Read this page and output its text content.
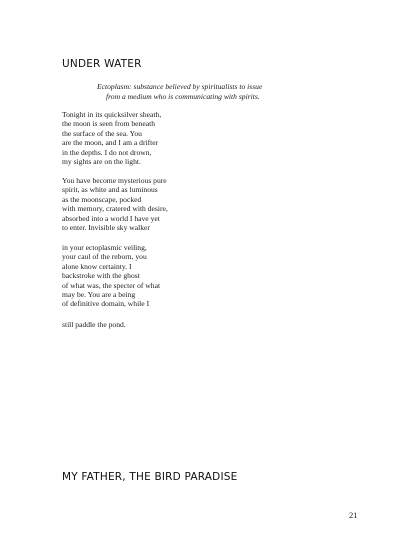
UNDER WATER
Ectoplasm: substance believed by spiritualists to issue
from a medium who is communicating with spirits.
Tonight in its quicksilver sheath,
the moon is seen from beneath
the surface of the sea. You
are the moon, and I am a drifter
in the depths. I do not drown,
my sights are on the light.
You have become mysterious pure
spirit, as white and as luminous
as the moonscape, pocked
with memory, cratered with desire,
absorbed into a world I have yet
to enter. Invisible sky walker
in your ectoplasmic veiling,
your caul of the reborn, you
alone know certainty. I
backstroke with the ghost
of what was, the specter of what
may be. You are a being
of definitive domain, while I
still paddle the pond.
MY FATHER, THE BIRD PARADISE
21
